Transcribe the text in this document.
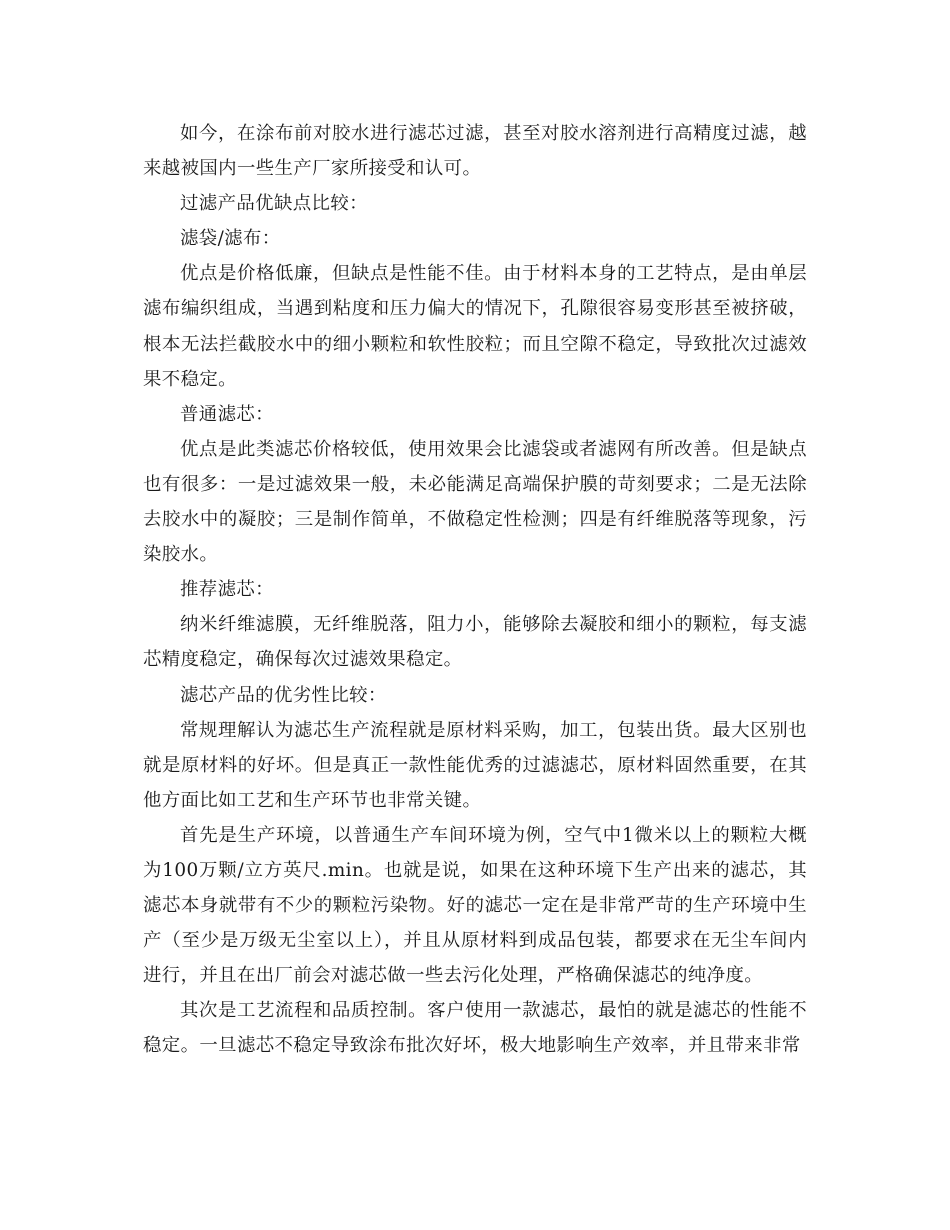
如今，在涂布前对胶水进行滤芯过滤，甚至对胶水溶剂进行高精度过滤，越来越被国内一些生产厂家所接受和认可。

过滤产品优缺点比较：

滤袋/滤布：

优点是价格低廉，但缺点是性能不佳。由于材料本身的工艺特点，是由单层滤布编织组成，当遇到粘度和压力偏大的情况下，孔隙很容易变形甚至被挤破，根本无法拦截胶水中的细小颗粒和软性胶粒；而且空隙不稳定，导致批次过滤效果不稳定。

普通滤芯：

优点是此类滤芯价格较低，使用效果会比滤袋或者滤网有所改善。但是缺点也有很多：一是过滤效果一般，未必能满足高端保护膜的苛刻要求；二是无法除去胶水中的凝胶；三是制作简单，不做稳定性检测；四是有纤维脱落等现象，污染胶水。

推荐滤芯：

纳米纤维滤膜，无纤维脱落，阻力小，能够除去凝胶和细小的颗粒，每支滤芯精度稳定，确保每次过滤效果稳定。

滤芯产品的优劣性比较：

常规理解认为滤芯生产流程就是原材料采购，加工，包装出货。最大区别也就是原材料的好坏。但是真正一款性能优秀的过滤滤芯，原材料固然重要，在其他方面比如工艺和生产环节也非常关键。

首先是生产环境，以普通生产车间环境为例，空气中1微米以上的颗粒大概为100万颗/立方英尺.min。也就是说，如果在这种环境下生产出来的滤芯，其滤芯本身就带有不少的颗粒污染物。好的滤芯一定在是非常严苛的生产环境中生产（至少是万级无尘室以上），并且从原材料到成品包装，都要求在无尘车间内进行，并且在出厂前会对滤芯做一些去污化处理，严格确保滤芯的纯净度。

其次是工艺流程和品质控制。客户使用一款滤芯，最怕的就是滤芯的性能不稳定。一旦滤芯不稳定导致涂布批次好坏，极大地影响生产效率，并且带来非常
